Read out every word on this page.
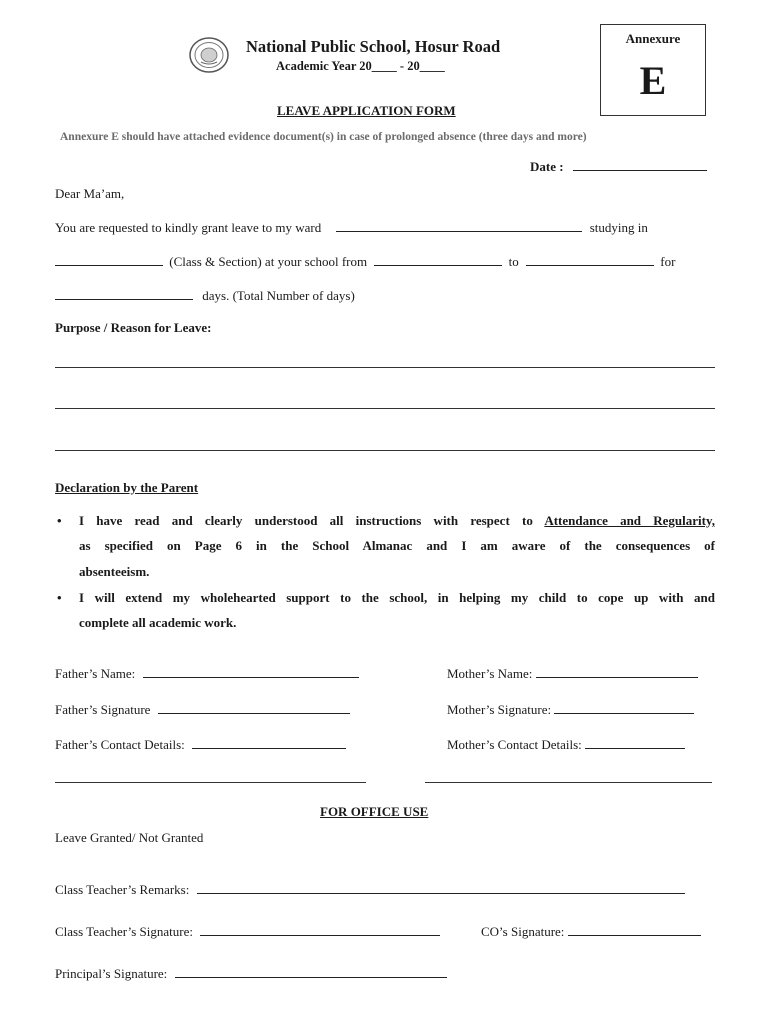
National Public School, Hosur Road
Academic Year 20____ - 20____
Annexure
E
LEAVE APPLICATION FORM
Annexure E should have attached evidence document(s) in case of prolonged absence (three days and more)
Date :
Dear Ma’am,
You are requested to kindly grant leave to my ward	studying in
(Class & Section) at your school from	to	for
days. (Total Number of days)
Purpose / Reason for Leave:
Declaration by the Parent
• I have read and clearly understood all instructions with respect to Attendance and Regularity,
as specified on Page 6 in the School Almanac and I am aware of the consequences of
absenteeism.
• I will extend my wholehearted support to the school, in helping my child to cope up with and
complete all academic work.
Father’s Name:	Mother’s Name:
Father’s Signature	Mother’s Signature:
Father’s Contact Details:	Mother’s Contact Details:
FOR OFFICE USE
Leave Granted/ Not Granted
Class Teacher’s Remarks:
Class Teacher’s Signature:	CO’s Signature:
Principal’s Signature:
